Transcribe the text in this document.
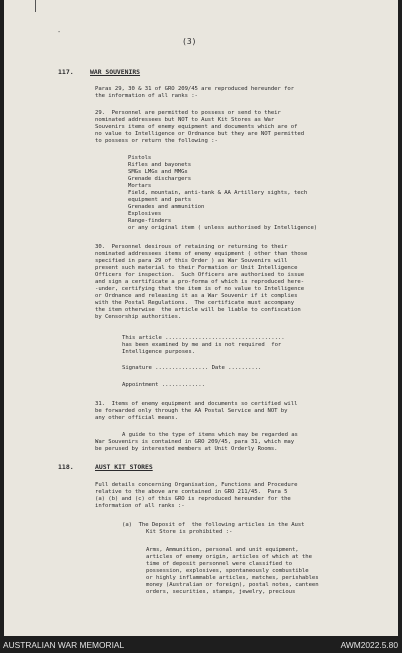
-
(3)
117.	WAR SOUVENIRS
Paras 29, 30 & 31 of GRO 209/45 are reproduced hereunder for
the information of all ranks :-
29.  Personnel are permitted to possess or send to their
nominated addressees but NOT to Aust Kit Stores as War
Souvenirs items of enemy equipment and documents which are of
no value to Intelligence or Ordnance but they are NOT permitted
to possess or return the following :-
Pistols
Rifles and bayonets
SMGs LMGs and MMGs
Grenade dischargers
Mortars
Field, mountain, anti-tank & AA Artillery sights, tech
equipment and parts
Grenades and ammunition
Explosives
Range-finders
or any original item ( unless authorised by Intelligence)
30.  Personnel desirous of retaining or returning to their
nominated addressees items of enemy equipment ( other than those
specified in para 29 of this Order ) as War Souvenirs will
present such material to their Formation or Unit Intelligence
Officers for inspection.  Such Officers are authorised to issue
and sign a certificate a pro-forma of which is reproduced here-
-under, certifying that the item is of no value to Intelligence
or Ordnance and releasing it as a War Souvenir if it complies
with the Postal Regulations.  The certificate must accompany
the item otherwise  the article will be liable to confiscation
by Censorship authorities.
This article ....................................
has been examined by me and is not required  for
Intelligence purposes.
Signature ................ Date ..........
Appointment .............
31.  Items of enemy equipment and documents so certified will
be forwarded only through the AA Postal Service and NOT by
any other official means.
A guide to the type of items which may be regarded as
War Souvenirs is contained in GRO 209/45, para 31, which may
be perused by interested members at Unit Orderly Rooms.
118.	AUST KIT STORES
Full details concerning Organisation, Functions and Procedure
relative to the above are contained in GRO 211/45.  Para 5
(a) (b) and (c) of this GRO is reproduced hereunder for the
information of all ranks :-
(a)  The Deposit of  the following articles in the Aust
Kit Store is prohibited :-
Arms, Ammunition, personal and unit equipment,
articles of enemy origin, articles of which at the
time of deposit personnel were classified to
possession, explosives, spontaneously combustible
or highly inflammable articles, matches, perishables
money (Australian or foreign), postal notes, canteen
orders, securities, stamps, jewelry, precious
AUSTRALIAN WAR MEMORIAL	AWM2022.5.80
